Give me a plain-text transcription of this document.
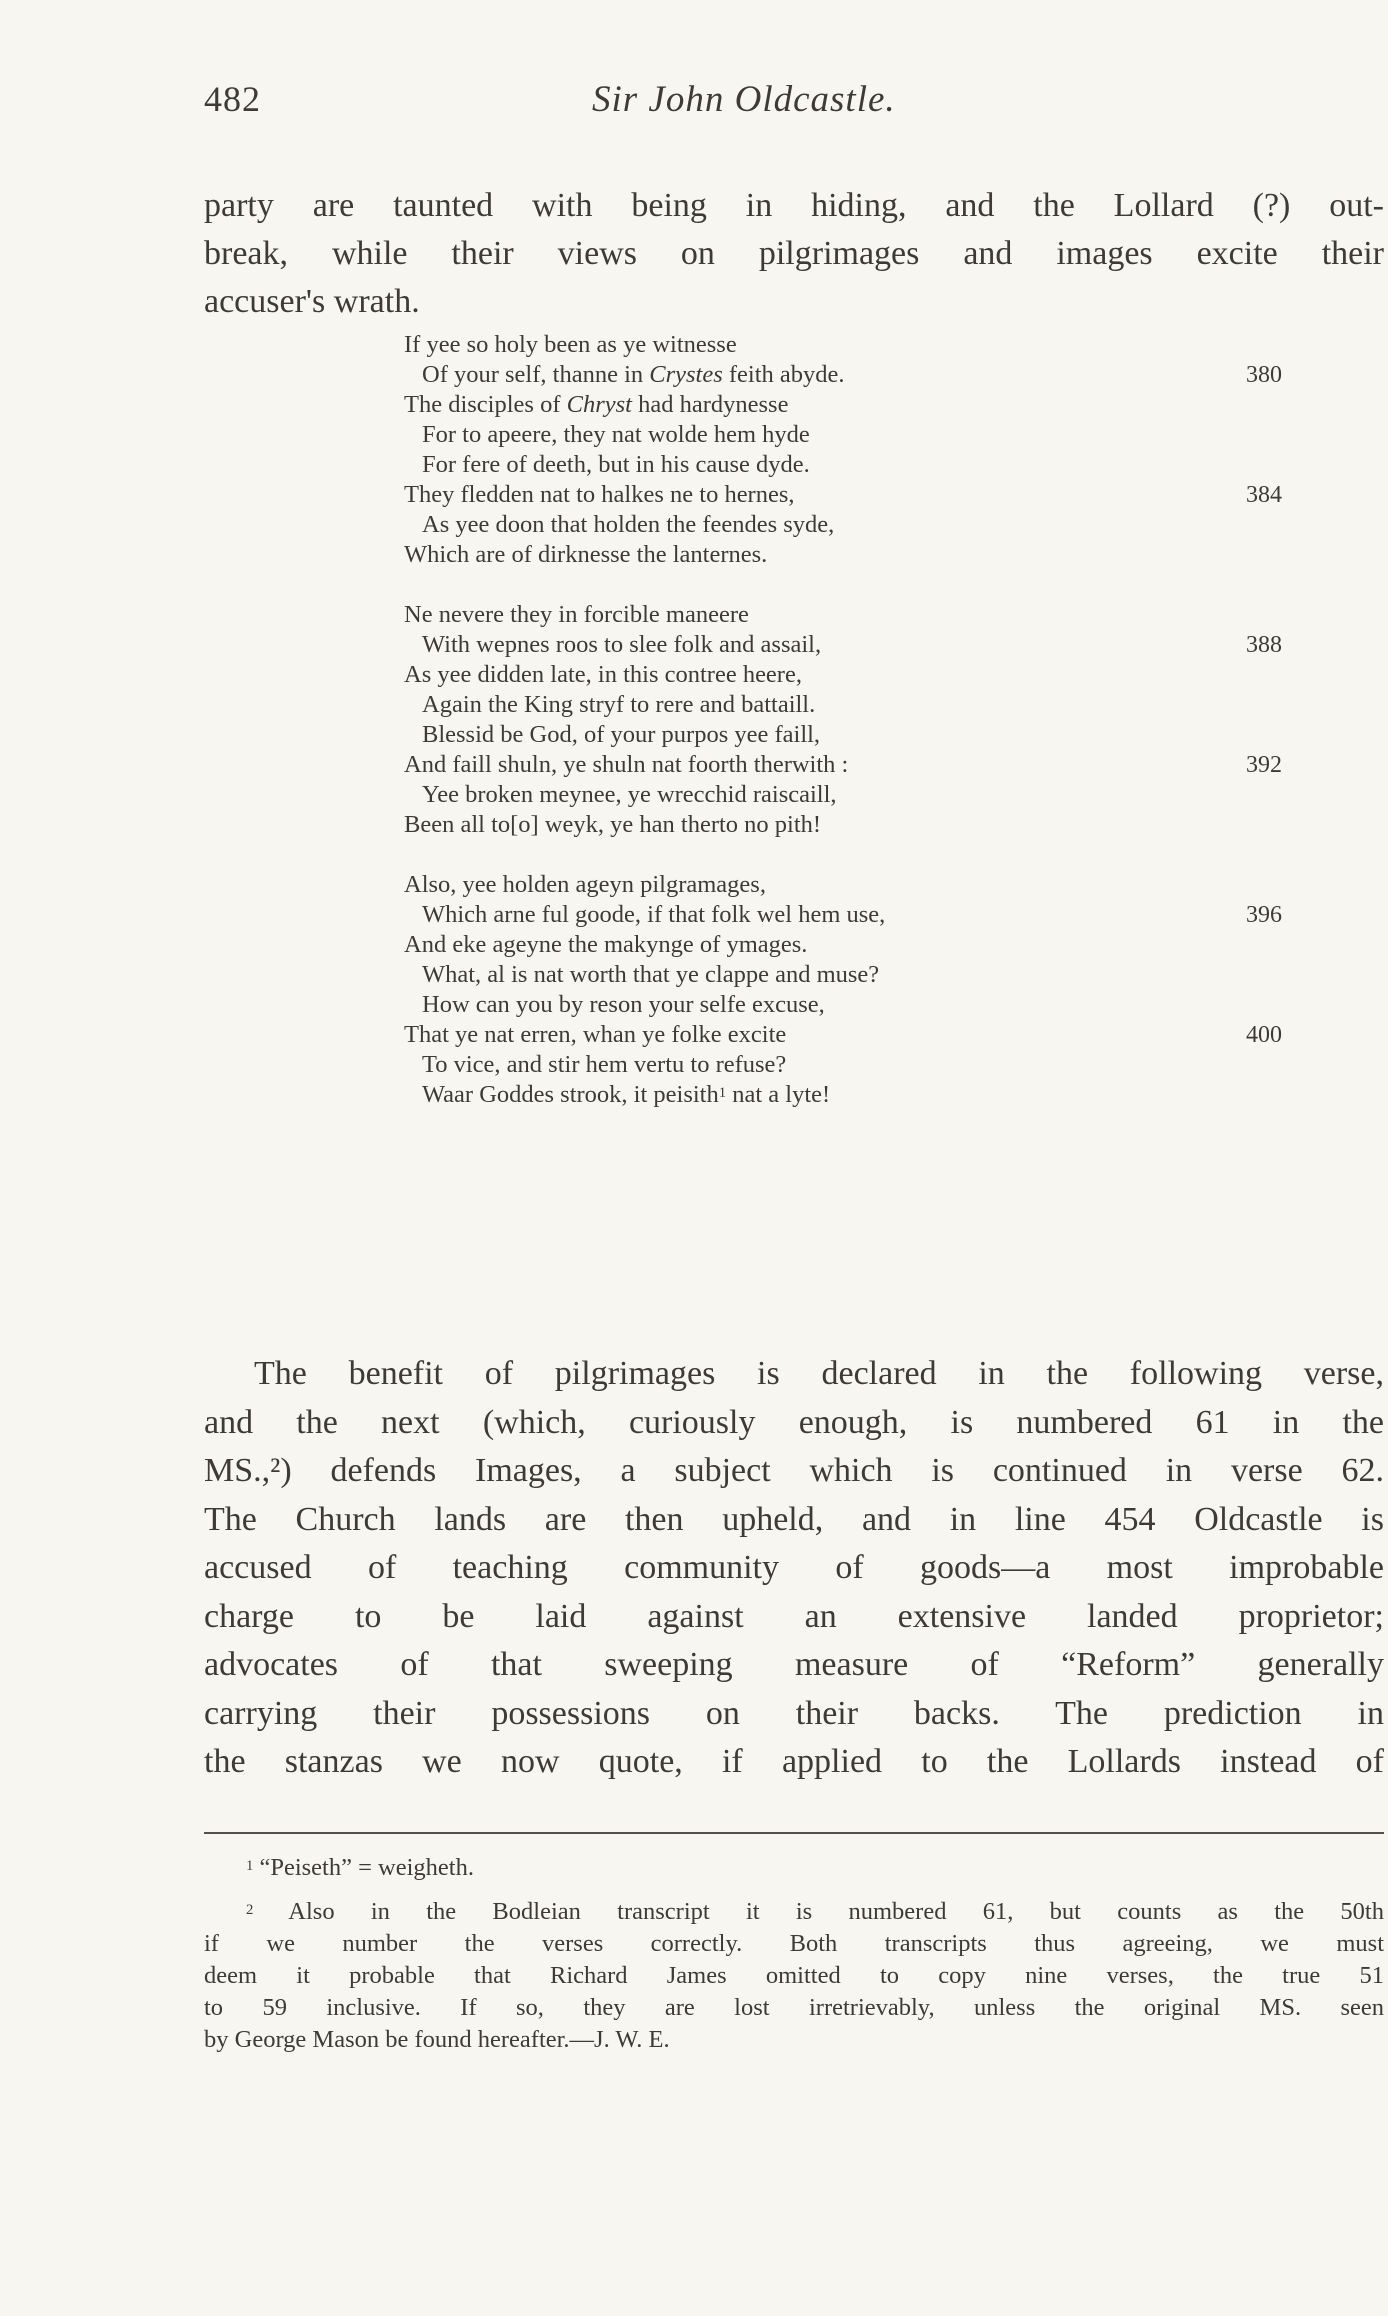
482	Sir John Oldcastle.
party are taunted with being in hiding, and the Lollard (?) out-
break, while their views on pilgrimages and images excite their
accuser's wrath.
If yee so holy been as ye witnesse
Of your self, thanne in Crystes feith abyde.	380
The disciples of Chryst had hardynesse
For to apeere, they nat wolde hem hyde
For fere of deeth, but in his cause dyde.
They fledden nat to halkes ne to hernes,	384
As yee doon that holden the feendes syde,
Which are of dirknesse the lanternes.
Ne nevere they in forcible maneere
With wepnes roos to slee folk and assail,	388
As yee didden late, in this contree heere,
Again the King stryf to rere and battaill.
Blessid be God, of your purpos yee faill,
And faill shuln, ye shuln nat foorth therwith :	392
Yee broken meynee, ye wrecchid raiscaill,
Been all to[o] weyk, ye han therto no pith!
Also, yee holden ageyn pilgramages,
Which arne ful goode, if that folk wel hem use,	396
And eke ageyne the makynge of ymages.
What, al is nat worth that ye clappe and muse?
How can you by reson your selfe excuse,
That ye nat erren, whan ye folke excite	400
To vice, and stir hem vertu to refuse?
Waar Goddes strook, it peisith$^1$ nat a lyte!
The benefit of pilgrimages is declared in the following verse,
and the next (which, curiously enough, is numbered 61 in the
MS.,²) defends Images, a subject which is continued in verse 62.
The Church lands are then upheld, and in line 454 Oldcastle is
accused of teaching community of goods—a most improbable
charge to be laid against an extensive landed proprietor;
advocates of that sweeping measure of “Reform” generally
carrying their possessions on their backs. The prediction in
the stanzas we now quote, if applied to the Lollards instead of
$^1$ “Peiseth” = weigheth.
$^2$ Also in the Bodleian transcript it is numbered 61, but counts as the 50th
if we number the verses correctly. Both transcripts thus agreeing, we must
deem it probable that Richard James omitted to copy nine verses, the true 51
to 59 inclusive. If so, they are lost irretrievably, unless the original MS. seen
by George Mason be found hereafter.—J. W. E.
